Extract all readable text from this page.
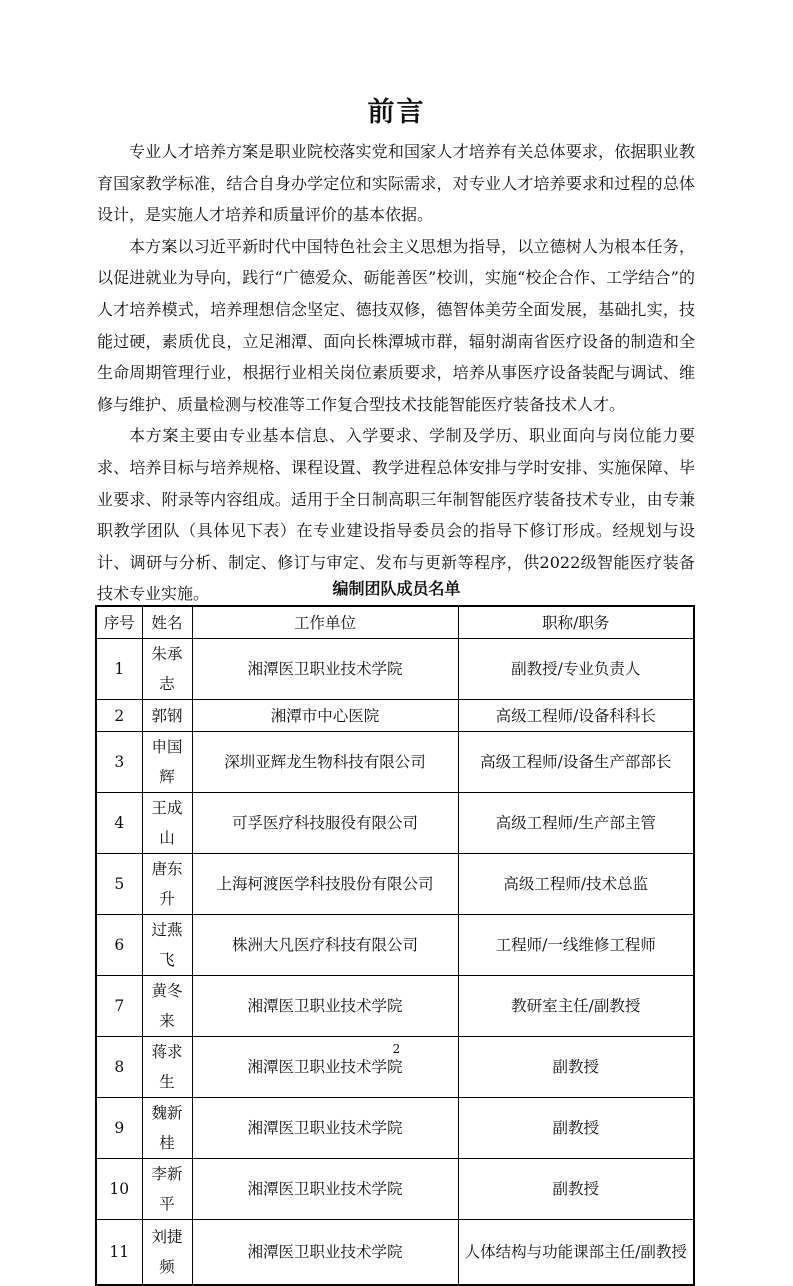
前言

专业人才培养方案是职业院校落实党和国家人才培养有关总体要求，依据职业教育国家教学标准，结合自身办学定位和实际需求，对专业人才培养要求和过程的总体设计，是实施人才培养和质量评价的基本依据。

本方案以习近平新时代中国特色社会主义思想为指导，以立德树人为根本任务，以促进就业为导向，践行“广德爱众、砺能善医”校训，实施“校企合作、工学结合”的人才培养模式，培养理想信念坚定、德技双修，德智体美劳全面发展，基础扎实，技能过硬，素质优良，立足湘潭、面向长株潭城市群，辐射湖南省医疗设备的制造和全生命周期管理行业，根据行业相关岗位素质要求，培养从事医疗设备装配与调试、维修与维护、质量检测与校准等工作复合型技术技能智能医疗装备技术人才。

本方案主要由专业基本信息、入学要求、学制及学历、职业面向与岗位能力要求、培养目标与培养规格、课程设置、教学进程总体安排与学时安排、实施保障、毕业要求、附录等内容组成。适用于全日制高职三年制智能医疗装备技术专业，由专兼职教学团队（具体见下表）在专业建设指导委员会的指导下修订形成。经规划与设计、调研与分析、制定、修订与审定、发布与更新等程序，供2022级智能医疗装备技术专业实施。	编制团队成员名单
序号	姓名	工作单位	职称/职务
1	朱承志	湘潭医卫职业技术学院	副教授/专业负责人
2	郭钢	湘潭市中心医院	高级工程师/设备科科长
3	申国辉	深圳亚辉龙生物科技有限公司	高级工程师/设备生产部部长
4	王成山	可孚医疗科技服役有限公司	高级工程师/生产部主管
5	唐东升	上海柯渡医学科技股份有限公司	高级工程师/技术总监
6	过燕飞	株洲大凡医疗科技有限公司	工程师/一线维修工程师
7	黄冬来	湘潭医卫职业技术学院	教研室主任/副教授
8	蒋求生	湘潭医卫职业技术学院	副教授
9	魏新桂	湘潭医卫职业技术学院	副教授
10	李新平	湘潭医卫职业技术学院	副教授
11	刘捷频	湘潭医卫职业技术学院	人体结构与功能课部主任/副教授
2
